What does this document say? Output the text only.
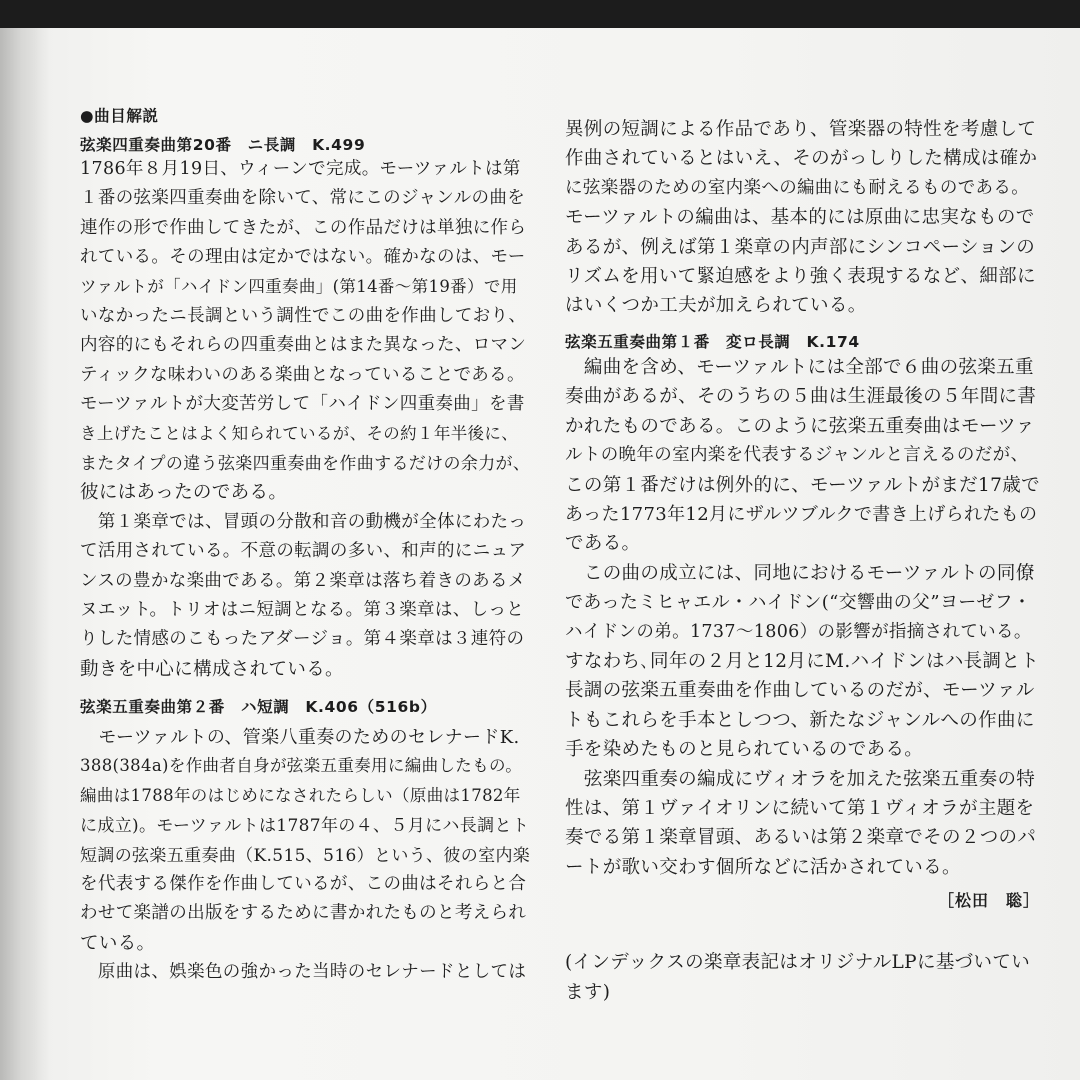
●曲目解説
弦楽四重奏曲第20番　ニ長調　K.499
1786年８月19日、ウィーンで完成。モーツァルトは第
１番の弦楽四重奏曲を除いて、常にこのジャンルの曲を
連作の形で作曲してきたが、この作品だけは単独に作ら
れている。その理由は定かではない。確かなのは、モー
ツァルトが「ハイドン四重奏曲」(第14番～第19番）で用
いなかったニ長調という調性でこの曲を作曲しており、
内容的にもそれらの四重奏曲とはまた異なった、ロマン
ティックな味わいのある楽曲となっていることである。
モーツァルトが大変苦労して「ハイドン四重奏曲」を書
き上げたことはよく知られているが、その約１年半後に、
またタイプの違う弦楽四重奏曲を作曲するだけの余力が、
彼にはあったのである。
　第１楽章では、冒頭の分散和音の動機が全体にわたっ
て活用されている。不意の転調の多い、和声的にニュア
ンスの豊かな楽曲である。第２楽章は落ち着きのあるメ
ヌエット。トリオはニ短調となる。第３楽章は、しっと
りした情感のこもったアダージョ。第４楽章は３連符の
動きを中心に構成されている。
弦楽五重奏曲第２番　ハ短調　K.406（516b）
　モーツァルトの、管楽八重奏のためのセレナードK.
388(384a)を作曲者自身が弦楽五重奏用に編曲したもの。
編曲は1788年のはじめになされたらしい（原曲は1782年
に成立)。モーツァルトは1787年の４、５月にハ長調とト
短調の弦楽五重奏曲（K.515、516）という、彼の室内楽
を代表する傑作を作曲しているが、この曲はそれらと合
わせて楽譜の出版をするために書かれたものと考えられ
ている。
　原曲は、娯楽色の強かった当時のセレナードとしては
異例の短調による作品であり、管楽器の特性を考慮して
作曲されているとはいえ、そのがっしりした構成は確か
に弦楽器のための室内楽への編曲にも耐えるものである。
モーツァルトの編曲は、基本的には原曲に忠実なもので
あるが、例えば第１楽章の内声部にシンコペーションの
リズムを用いて緊迫感をより強く表現するなど、細部に
はいくつか工夫が加えられている。
弦楽五重奏曲第１番　変ロ長調　K.174
　編曲を含め、モーツァルトには全部で６曲の弦楽五重
奏曲があるが、そのうちの５曲は生涯最後の５年間に書
かれたものである。このように弦楽五重奏曲はモーツァ
ルトの晩年の室内楽を代表するジャンルと言えるのだが、
この第１番だけは例外的に、モーツァルトがまだ17歳で
あった1773年12月にザルツブルクで書き上げられたもの
である。
　この曲の成立には、同地におけるモーツァルトの同僚
であったミヒャエル・ハイドン(“交響曲の父”ヨーゼフ・
ハイドンの弟。1737～1806）の影響が指摘されている。
すなわち､同年の２月と12月にM.ハイドンはハ長調とト
長調の弦楽五重奏曲を作曲しているのだが、モーツァル
トもこれらを手本としつつ、新たなジャンルへの作曲に
手を染めたものと見られているのである。
　弦楽四重奏の編成にヴィオラを加えた弦楽五重奏の特
性は、第１ヴァイオリンに続いて第１ヴィオラが主題を
奏でる第１楽章冒頭、あるいは第２楽章でその２つのパ
ートが歌い交わす個所などに活かされている。
［松田　聡］
(インデックスの楽章表記はオリジナルLPに基づいてい
ます)
